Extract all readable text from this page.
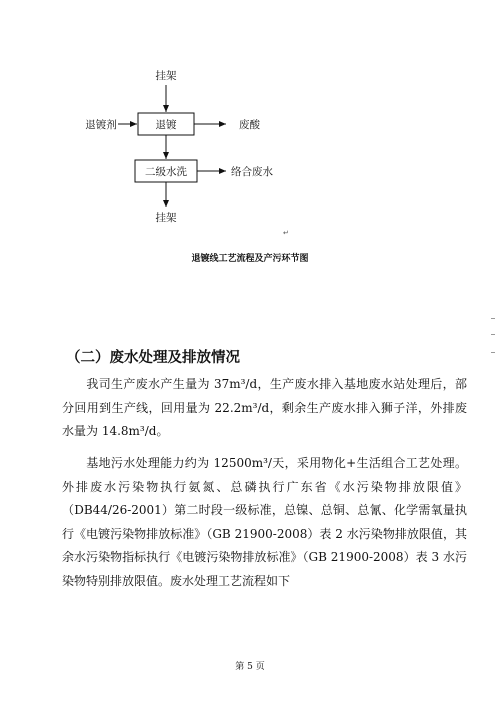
挂架
退镀剂	退镀	废酸
二级水洗	络合废水
挂架
↵
退镀线工艺流程及产污环节图
（二）废水处理及排放情况

我司生产废水产生量为 37m³/d，生产废水排入基地废水站处理后，部分回用到生产线，回用量为 22.2m³/d，剩余生产废水排入狮子洋，外排废水量为 14.8m³/d。

基地污水处理能力约为 12500m³/天，采用物化+生活组合工艺处理。外排废水污染物执行氨氮、总磷执行广东省《水污染物排放限值》（DB44/26-2001）第二时段一级标准，总镍、总铜、总氰、化学需氧量执行《电镀污染物排放标准》（GB 21900-2008）表 2 水污染物排放限值，其余水污染物指标执行《电镀污染物排放标准》（GB 21900-2008）表 3 水污染物特别排放限值。废水处理工艺流程如下

第 5 页
